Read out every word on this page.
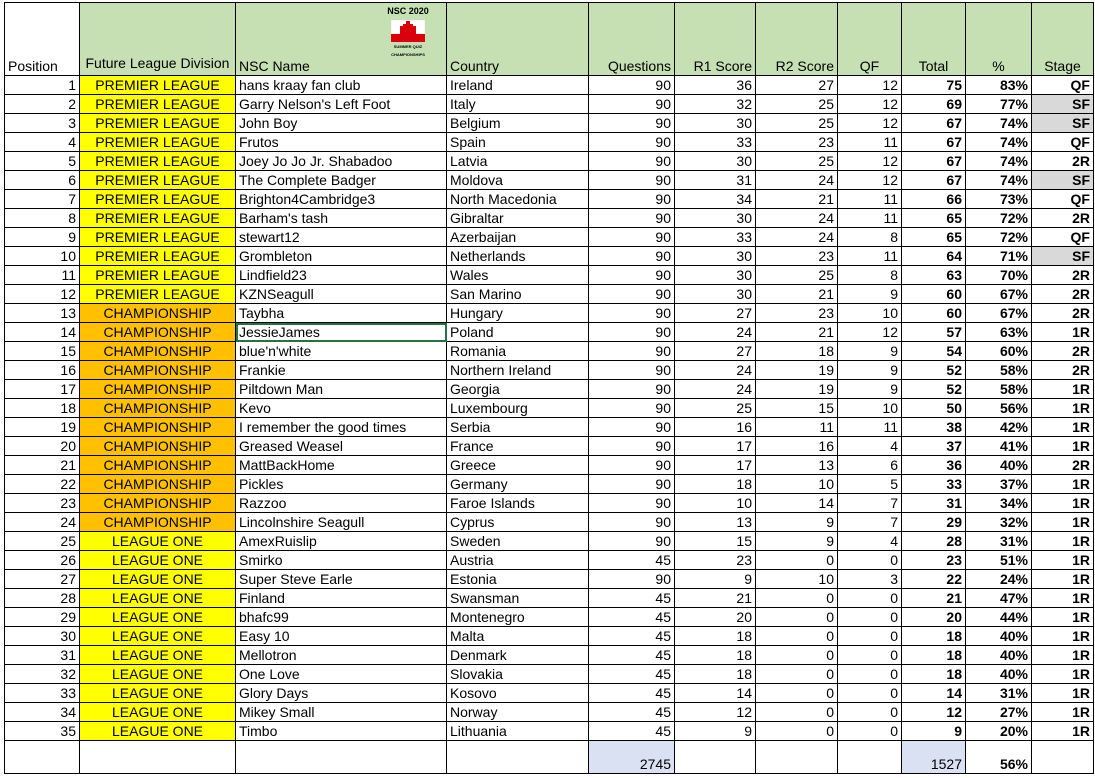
Position	Future League Division	NSC Name	Country	Questions	R1 Score	R2 Score	QF	Total	%	Stage
1	PREMIER LEAGUE	hans kraay fan club	Ireland	90	36	27	12	75	83%	QF
2	PREMIER LEAGUE	Garry Nelson's Left Foot	Italy	90	32	25	12	69	77%	SF
3	PREMIER LEAGUE	John Boy	Belgium	90	30	25	12	67	74%	SF
4	PREMIER LEAGUE	Frutos	Spain	90	33	23	11	67	74%	QF
5	PREMIER LEAGUE	Joey Jo Jo Jr. Shabadoo	Latvia	90	30	25	12	67	74%	2R
6	PREMIER LEAGUE	The Complete Badger	Moldova	90	31	24	12	67	74%	SF
7	PREMIER LEAGUE	Brighton4Cambridge3	North Macedonia	90	34	21	11	66	73%	QF
8	PREMIER LEAGUE	Barham's tash	Gibraltar	90	30	24	11	65	72%	2R
9	PREMIER LEAGUE	stewart12	Azerbaijan	90	33	24	8	65	72%	QF
10	PREMIER LEAGUE	Grombleton	Netherlands	90	30	23	11	64	71%	SF
11	PREMIER LEAGUE	Lindfield23	Wales	90	30	25	8	63	70%	2R
12	PREMIER LEAGUE	KZNSeagull	San Marino	90	30	21	9	60	67%	2R
13	CHAMPIONSHIP	Taybha	Hungary	90	27	23	10	60	67%	2R
14	CHAMPIONSHIP	JessieJames	Poland	90	24	21	12	57	63%	1R
15	CHAMPIONSHIP	blue'n'white	Romania	90	27	18	9	54	60%	2R
16	CHAMPIONSHIP	Frankie	Northern Ireland	90	24	19	9	52	58%	2R
17	CHAMPIONSHIP	Piltdown Man	Georgia	90	24	19	9	52	58%	1R
18	CHAMPIONSHIP	Kevo	Luxembourg	90	25	15	10	50	56%	1R
19	CHAMPIONSHIP	I remember the good times	Serbia	90	16	11	11	38	42%	1R
20	CHAMPIONSHIP	Greased Weasel	France	90	17	16	4	37	41%	1R
21	CHAMPIONSHIP	MattBackHome	Greece	90	17	13	6	36	40%	2R
22	CHAMPIONSHIP	Pickles	Germany	90	18	10	5	33	37%	1R
23	CHAMPIONSHIP	Razzoo	Faroe Islands	90	10	14	7	31	34%	1R
24	CHAMPIONSHIP	Lincolnshire Seagull	Cyprus	90	13	9	7	29	32%	1R
25	LEAGUE ONE	AmexRuislip	Sweden	90	15	9	4	28	31%	1R
26	LEAGUE ONE	Smirko	Austria	45	23	0	0	23	51%	1R
27	LEAGUE ONE	Super Steve Earle	Estonia	90	9	10	3	22	24%	1R
28	LEAGUE ONE	Finland	Swansman	45	21	0	0	21	47%	1R
29	LEAGUE ONE	bhafc99	Montenegro	45	20	0	0	20	44%	1R
30	LEAGUE ONE	Easy 10	Malta	45	18	0	0	18	40%	1R
31	LEAGUE ONE	Mellotron	Denmark	45	18	0	0	18	40%	1R
32	LEAGUE ONE	One Love	Slovakia	45	18	0	0	18	40%	1R
33	LEAGUE ONE	Glory Days	Kosovo	45	14	0	0	14	31%	1R
34	LEAGUE ONE	Mikey Small	Norway	45	12	0	0	12	27%	1R
35	LEAGUE ONE	Timbo	Lithuania	45	9	0	0	9	20%	1R
				2745				1527	56%	
NSC 2020
SUMMER QUIZ
CHAMPIONSHIPS
